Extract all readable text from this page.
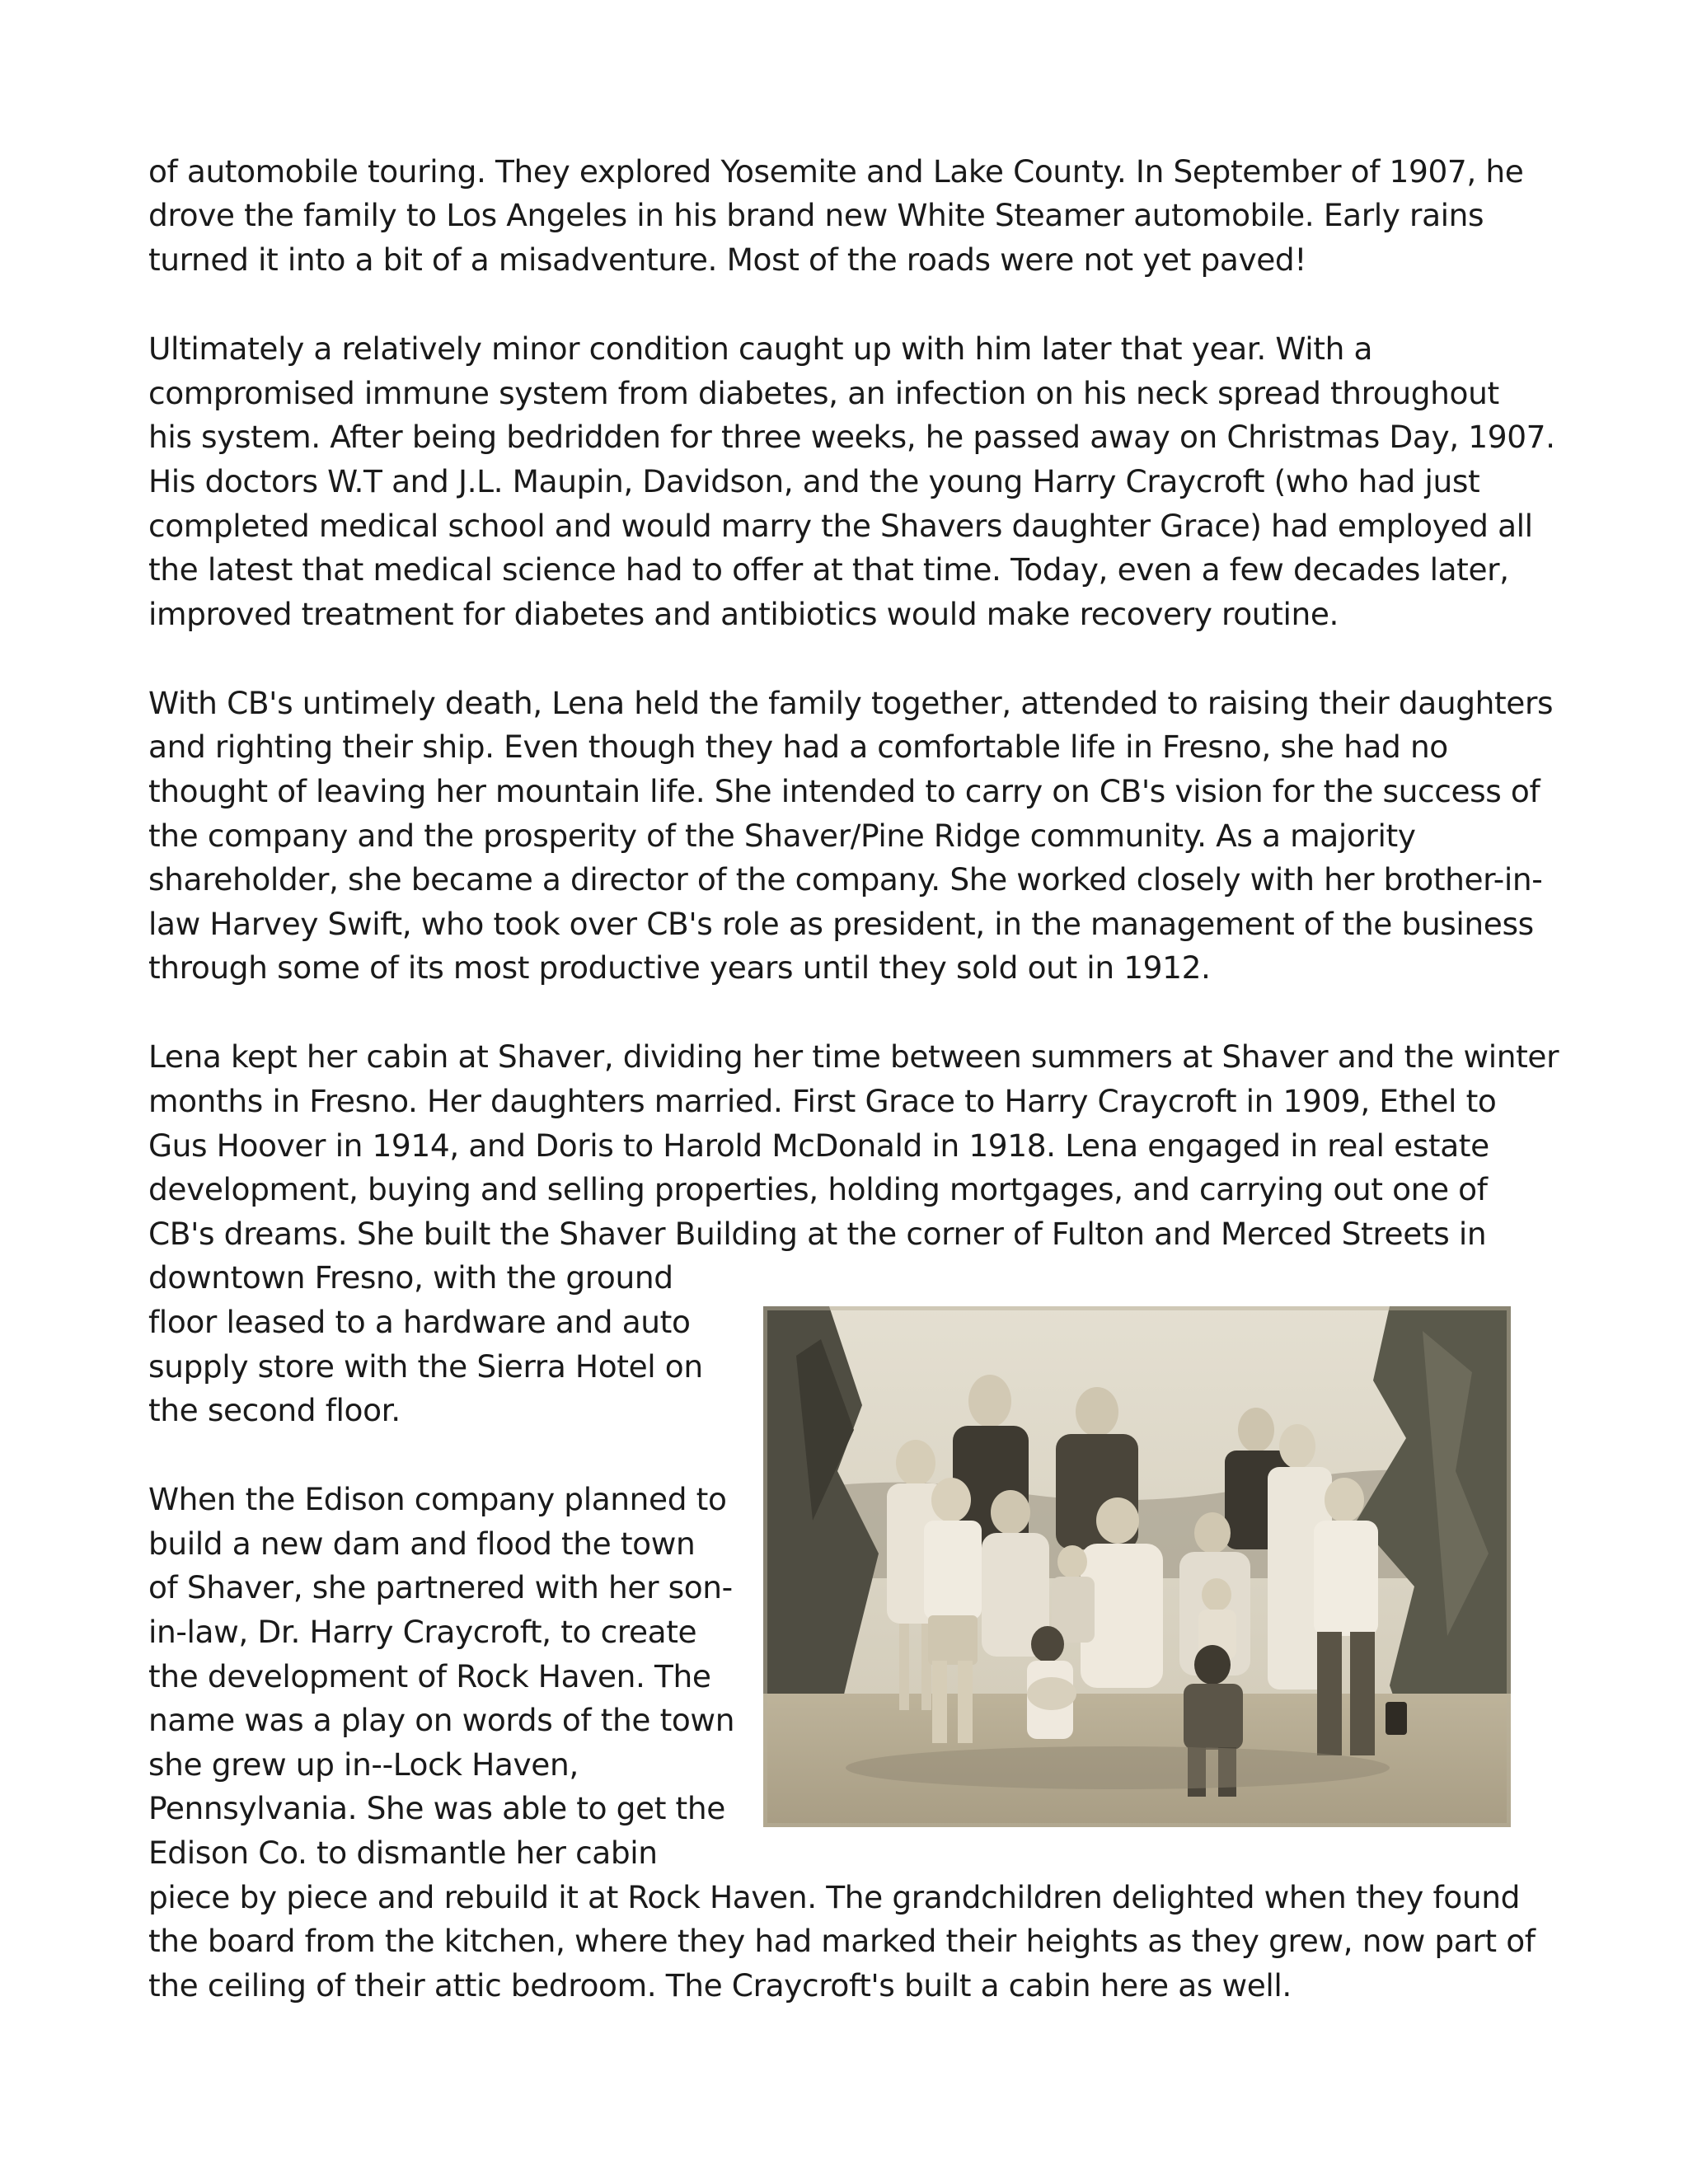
of automobile touring. They explored Yosemite and Lake County. In September of 1907, he

drove the family to Los Angeles in his brand new White Steamer automobile. Early rains

turned it into a bit of a misadventure. Most of the roads were not yet paved!

Ultimately a relatively minor condition caught up with him later that year. With a

compromised immune system from diabetes, an infection on his neck spread throughout

his system. After being bedridden for three weeks, he passed away on Christmas Day, 1907.

His doctors W.T and J.L. Maupin, Davidson, and the young Harry Craycroft (who had just

completed medical school and would marry the Shavers daughter Grace) had employed all

the latest that medical science had to offer at that time. Today, even a few decades later,

improved treatment for diabetes and antibiotics would make recovery routine.

With CB's untimely death, Lena held the family together, attended to raising their daughters

and righting their ship. Even though they had a comfortable life in Fresno, she had no

thought of leaving her mountain life. She intended to carry on CB's vision for the success of

the company and the prosperity of the Shaver/Pine Ridge community. As a majority

shareholder, she became a director of the company. She worked closely with her brother-in-

law Harvey Swift, who took over CB's role as president, in the management of the business

through some of its most productive years until they sold out in 1912.

Lena kept her cabin at Shaver, dividing her time between summers at Shaver and the winter

months in Fresno. Her daughters married. First Grace to Harry Craycroft in 1909, Ethel to

Gus Hoover in 1914, and Doris to Harold McDonald in 1918. Lena engaged in real estate

development, buying and selling properties, holding mortgages, and carrying out one of

CB's dreams. She built the Shaver Building at the corner of Fulton and Merced Streets in

downtown Fresno, with the ground

floor leased to a hardware and auto

supply store with the Sierra Hotel on

the second floor.

When the Edison company planned to

build a new dam and flood the town

of Shaver, she partnered with her son-

in-law, Dr. Harry Craycroft, to create

the development of Rock Haven. The

name was a play on words of the town

she grew up in--Lock Haven,

Pennsylvania. She was able to get the

Edison Co. to dismantle her cabin

piece by piece and rebuild it at Rock Haven. The grandchildren delighted when they found

the board from the kitchen, where they had marked their heights as they grew, now part of

the ceiling of their attic bedroom. The Craycroft's built a cabin here as well.
